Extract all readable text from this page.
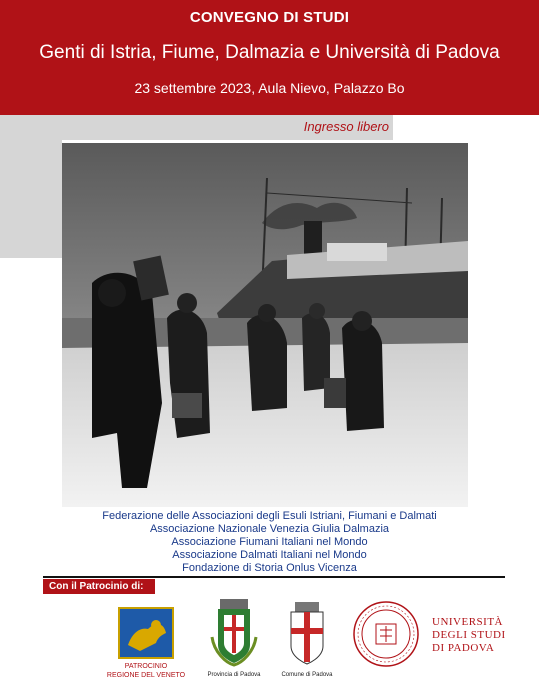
CONVEGNO DI STUDI
Genti di Istria, Fiume, Dalmazia e Università di Padova
23 settembre 2023, Aula Nievo, Palazzo Bo
Ingresso libero
Federazione delle Associazioni degli Esuli Istriani, Fiumani e Dalmati
Associazione Nazionale Venezia Giulia Dalmazia
Associazione Fiumani Italiani nel Mondo
Associazione Dalmati Italiani nel Mondo
Fondazione di Storia Onlus Vicenza
Con il Patrocinio di:
PATROCINIO
REGIONE DEL VENETO	Provincia di Padova	Comune di Padova
UNIVERSITÀ
DEGLI STUDI
DI PADOVA
